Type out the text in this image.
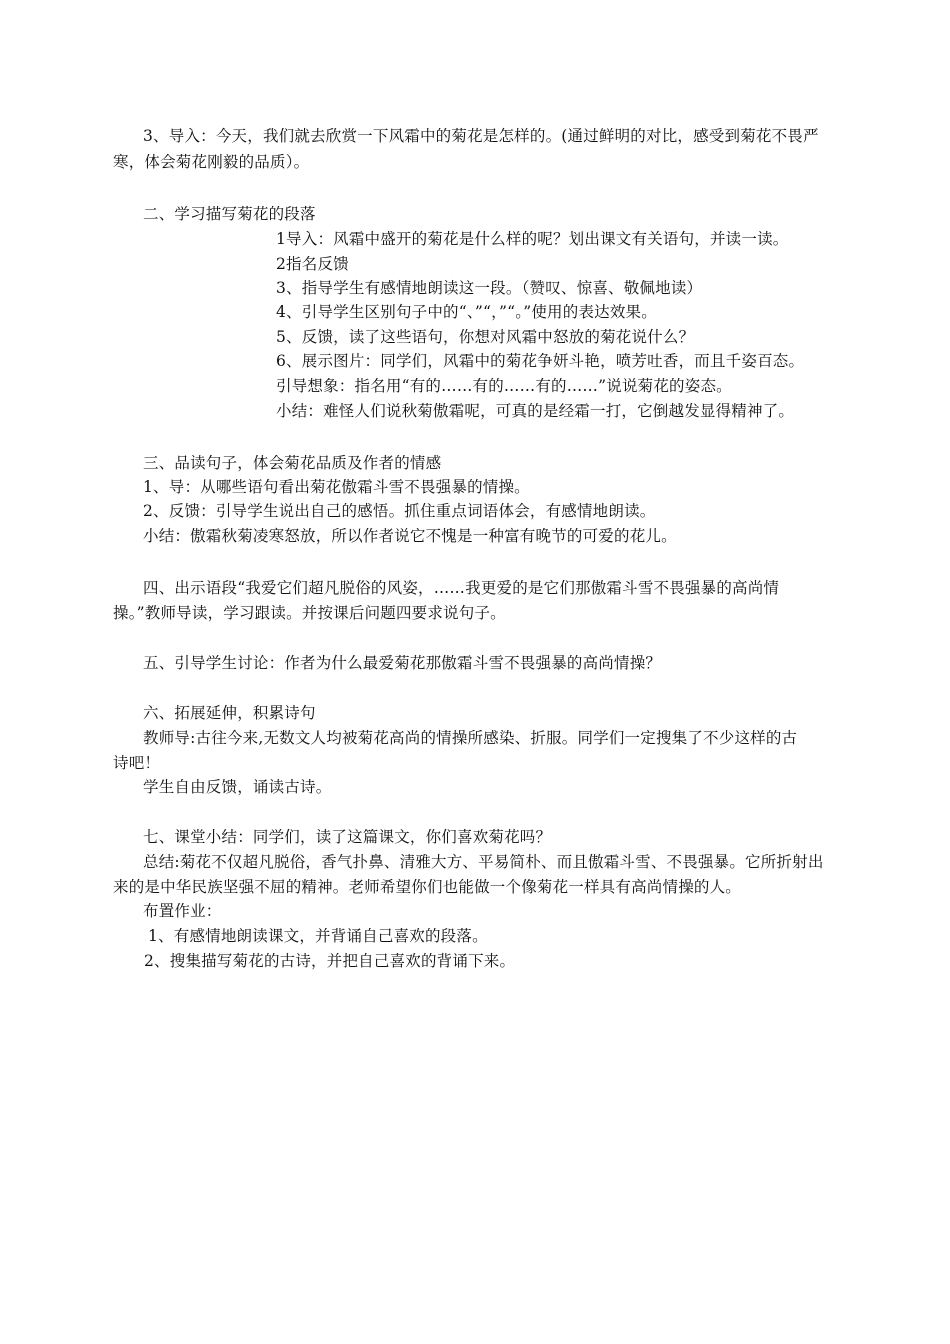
3、导入：今天，我们就去欣赏一下风霜中的菊花是怎样的。(通过鲜明的对比，感受到菊花不畏严
寒，体会菊花刚毅的品质）。
二、学习描写菊花的段落
1导入：风霜中盛开的菊花是什么样的呢？划出课文有关语句，并读一读。
2指名反馈
3、指导学生有感情地朗读这一段。（赞叹、惊喜、敬佩地读）
4、引导学生区别句子中的“、”“，”“。”使用的表达效果。
5、反馈，读了这些语句，你想对风霜中怒放的菊花说什么？
6、展示图片：同学们，风霜中的菊花争妍斗艳，喷芳吐香，而且千姿百态。
引导想象：指名用“有的……有的……有的……”说说菊花的姿态。
小结：难怪人们说秋菊傲霜呢，可真的是经霜一打，它倒越发显得精神了。
三、品读句子，体会菊花品质及作者的情感
1、导：从哪些语句看出菊花傲霜斗雪不畏强暴的情操。
2、反馈：引导学生说出自己的感悟。抓住重点词语体会，有感情地朗读。
小结：傲霜秋菊凌寒怒放，所以作者说它不愧是一种富有晚节的可爱的花儿。
四、出示语段“我爱它们超凡脱俗的风姿，……我更爱的是它们那傲霜斗雪不畏强暴的高尚情
操。”教师导读，学习跟读。并按课后问题四要求说句子。
五、引导学生讨论：作者为什么最爱菊花那傲霜斗雪不畏强暴的高尚情操？
六、拓展延伸，积累诗句
教师导:古往今来,无数文人均被菊花高尚的情操所感染、折服。同学们一定搜集了不少这样的古
诗吧！
学生自由反馈，诵读古诗。
七、课堂小结：同学们，读了这篇课文，你们喜欢菊花吗？
总结:菊花不仅超凡脱俗，香气扑鼻、清雅大方、平易简朴、而且傲霜斗雪、不畏强暴。它所折射出
来的是中华民族坚强不屈的精神。老师希望你们也能做一个像菊花一样具有高尚情操的人。
布置作业：
1、有感情地朗读课文，并背诵自己喜欢的段落。
2、搜集描写菊花的古诗，并把自己喜欢的背诵下来。
